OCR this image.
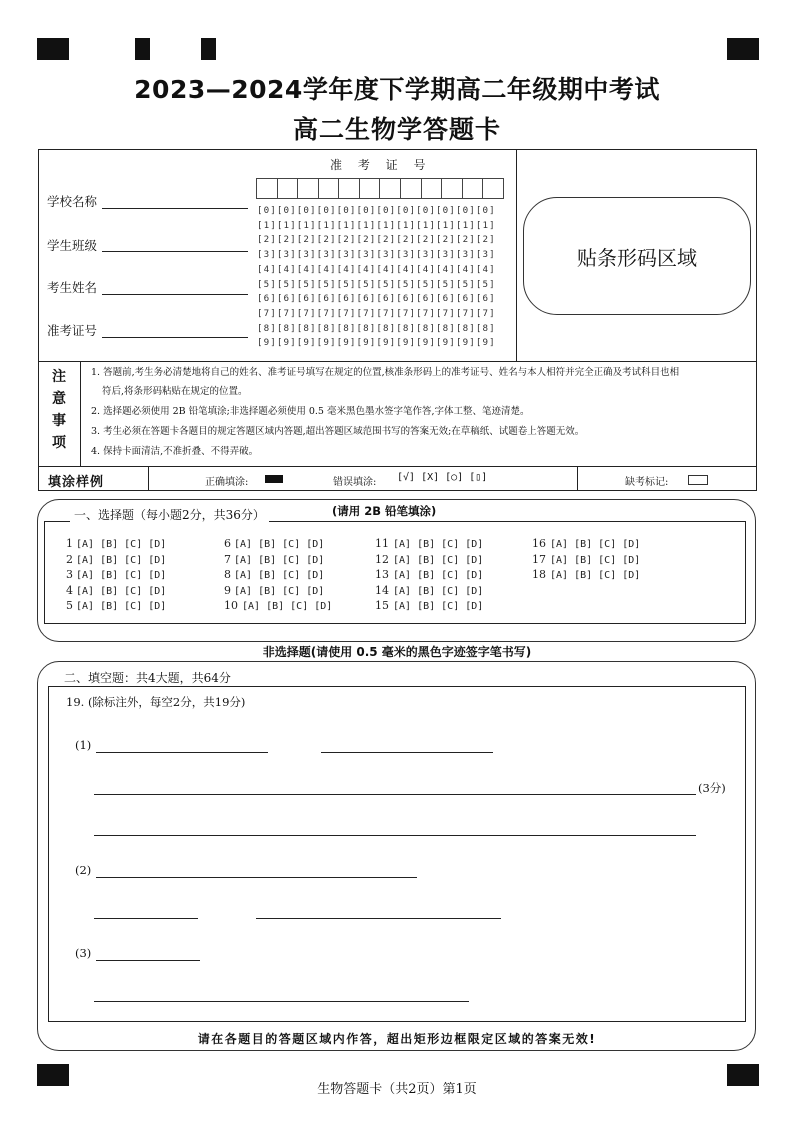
2023—2024学年度下学期高二年级期中考试
高二生物学答题卡
学校名称
学生班级
考生姓名
准考证号
准 考 证 号
[0][0][0][0][0][0][0][0][0][0][0][0]
[1][1][1][1][1][1][1][1][1][1][1][1]
[2][2][2][2][2][2][2][2][2][2][2][2]
[3][3][3][3][3][3][3][3][3][3][3][3]
[4][4][4][4][4][4][4][4][4][4][4][4]
[5][5][5][5][5][5][5][5][5][5][5][5]
[6][6][6][6][6][6][6][6][6][6][6][6]
[7][7][7][7][7][7][7][7][7][7][7][7]
[8][8][8][8][8][8][8][8][8][8][8][8]
[9][9][9][9][9][9][9][9][9][9][9][9]
贴条形码区域
注
意
事
项
1. 答题前,考生务必清楚地将自己的姓名、准考证号填写在规定的位置,核准条形码上的准考证号、姓名与本人相符并完全正确及考试科目也相
符后,将条形码粘贴在规定的位置。
2. 选择题必须使用 2B 铅笔填涂;非选择题必须使用 0.5 毫米黑色墨水签字笔作答,字体工整、笔迹清楚。
3. 考生必须在答题卡各题目的规定答题区域内答题,超出答题区域范围书写的答案无效;在草稿纸、试题卷上答题无效。
4. 保持卡面清洁,不准折叠、不得弄破。
填涂样例	正确填涂:	错误填涂: [√] [X] [○] [▯]	缺考标记:
一、选择题（每小题2分，共36分）	(请用 2B 铅笔填涂)
1 [A] [B] [C] [D]
2 [A] [B] [C] [D]
3 [A] [B] [C] [D]
4 [A] [B] [C] [D]
5 [A] [B] [C] [D]
6 [A] [B] [C] [D]
7 [A] [B] [C] [D]
8 [A] [B] [C] [D]
9 [A] [B] [C] [D]
10 [A] [B] [C] [D]
11 [A] [B] [C] [D]
12 [A] [B] [C] [D]
13 [A] [B] [C] [D]
14 [A] [B] [C] [D]
15 [A] [B] [C] [D]
16 [A] [B] [C] [D]
17 [A] [B] [C] [D]
18 [A] [B] [C] [D]
非选择题(请使用 0.5 毫米的黑色字迹签字笔书写)
二、填空题：共4大题，共64分
19. (除标注外，每空2分，共19分)
(1)
(3分)
(2)
(3)
请在各题目的答题区域内作答，超出矩形边框限定区域的答案无效!
生物答题卡（共2页）第1页
